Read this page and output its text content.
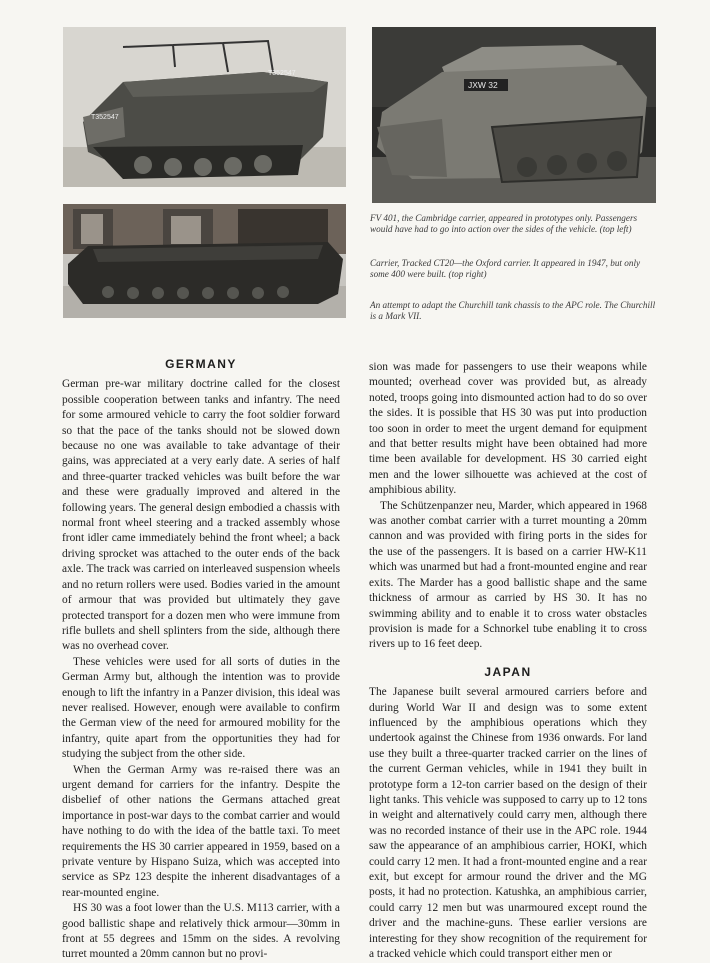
T352547
T352547
JXW 32
FV 401, the Cambridge carrier, appeared in prototypes only. Passengers would have had to go into action over the sides of the vehicle. (top left)
Carrier, Tracked CT20—the Oxford carrier. It appeared in 1947, but only some 400 were built. (top right)
An attempt to adapt the Churchill tank chassis to the APC role. The Churchill is a Mark VII.
GERMANY

German pre-war military doctrine called for the closest possible cooperation between tanks and infantry. The need for some armoured vehicle to carry the foot soldier forward so that the pace of the tanks should not be slowed down because no one was available to take advantage of their gains, was appreciated at a very early date. A series of half and three-quarter tracked vehicles was built before the war and these were gradually improved and altered in the following years. The general design embodied a chassis with normal front wheel steering and a tracked assembly whose front idler came immediately behind the front wheel; a back driving sprocket was attached to the outer ends of the back axle. The track was carried on interleaved suspension wheels and no return rollers were used. Bodies varied in the amount of armour that was provided but ultimately they gave protected transport for a dozen men who were immune from rifle bullets and shell splinters from the side, although there was no overhead cover.

These vehicles were used for all sorts of duties in the German Army but, although the intention was to provide enough to lift the infantry in a Panzer division, this ideal was never realised. However, enough were available to confirm the German view of the need for armoured mobility for the infantry, quite apart from the opportunities they had for studying the subject from the other side.

When the German Army was re-raised there was an urgent demand for carriers for the infantry. Despite the disbelief of other nations the Germans attached great importance in post-war days to the combat carrier and would have nothing to do with the idea of the battle taxi. To meet requirements the HS 30 carrier appeared in 1959, based on a private venture by Hispano Suiza, which was accepted into service as SPz 123 despite the inherent disadvantages of a rear-mounted engine.

HS 30 was a foot lower than the U.S. M113 carrier, with a good ballistic shape and relatively thick armour—30mm in front at 55 degrees and 15mm on the sides. A revolving turret mounted a 20mm cannon but no provi-

sion was made for passengers to use their weapons while mounted; overhead cover was provided but, as already noted, troops going into dismounted action had to do so over the sides. It is possible that HS 30 was put into production too soon in order to meet the urgent demand for equipment and that better results might have been obtained had more time been available for development. HS 30 carried eight men and the lower silhouette was achieved at the cost of amphibious ability.

The Schützenpanzer neu, Marder, which appeared in 1968 was another combat carrier with a turret mounting a 20mm cannon and was provided with firing ports in the sides for the use of the passengers. It is based on a carrier HW-K11 which was unarmed but had a front-mounted engine and rear exits. The Marder has a good ballistic shape and the same thickness of armour as carried by HS 30. It has no swimming ability and to enable it to cross water obstacles provision is made for a Schnorkel tube enabling it to cross rivers up to 16 feet deep.

JAPAN

The Japanese built several armoured carriers before and during World War II and design was to some extent influenced by the amphibious operations which they undertook against the Chinese from 1936 onwards. For land use they built a three-quarter tracked carrier on the lines of the current German vehicles, while in 1941 they built in prototype form a 12-ton carrier based on the design of their light tanks. This vehicle was supposed to carry up to 12 tons in weight and alternatively could carry men, although there was no recorded instance of their use in the APC role. 1944 saw the appearance of an amphibious carrier, HOKI, which could carry 12 men. It had a front-mounted engine and a rear exit, but except for armour round the driver and the MG posts, it had no protection. Katushka, an amphibious carrier, could carry 12 men but was unarmoured except round the driver and the machine-guns. These earlier versions are interesting for they show recognition of the requirement for a tracked vehicle which could transport either men or
